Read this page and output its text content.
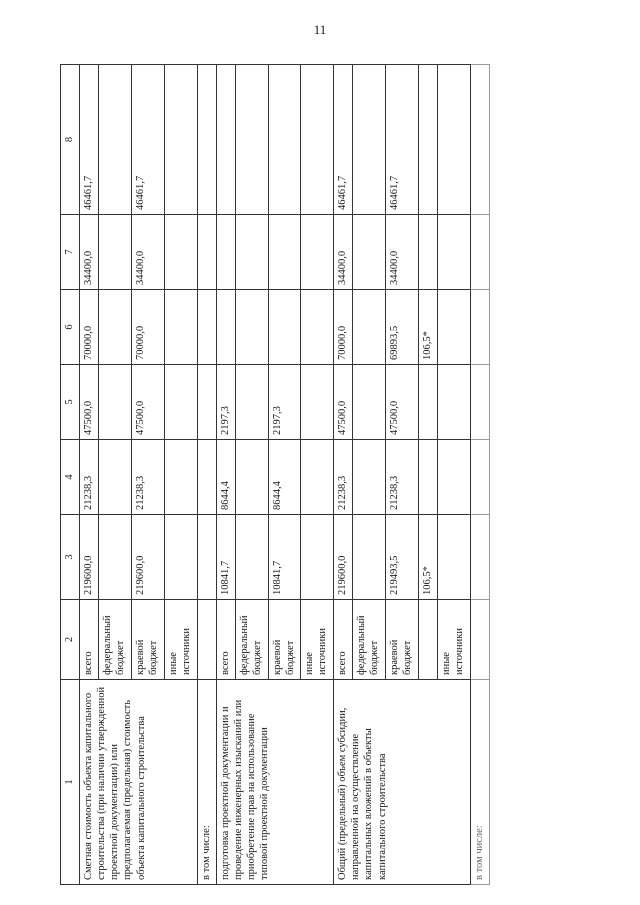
11
1	2	3	4	5	6	7	8
Сметная стоимость объекта капитального строительства (при наличии утвержденной проектной документации) или предполагаемая (предельная) стоимость объекта капитального строительства	всего	219600,0	21238,3	47500,0	70000,0	34400,0	46461,7
	федеральный бюджет						
	краевой бюджет	219600,0	21238,3	47500,0	70000,0	34400,0	46461,7
	иные источники						
в том числе:							
подготовка проектной документации и проведение инженерных изысканий или приобретение прав на использование типовой проектной документации	всего	10841,7	8644,4	2197,3			
	федеральный бюджет						
	краевой бюджет	10841,7	8644,4	2197,3			
	иные источники						
Общий (предельный) объем субсидии, направленной на осуществление капитальных вложений в объекты капитального строительства	всего	219600,0	21238,3	47500,0	70000,0	34400,0	46461,7
	федеральный бюджет						
	краевой бюджет	219493,5	21238,3	47500,0	69893,5	34400,0	46461,7
		106,5*			106,5*		
	иные источники						
в том числе:							
